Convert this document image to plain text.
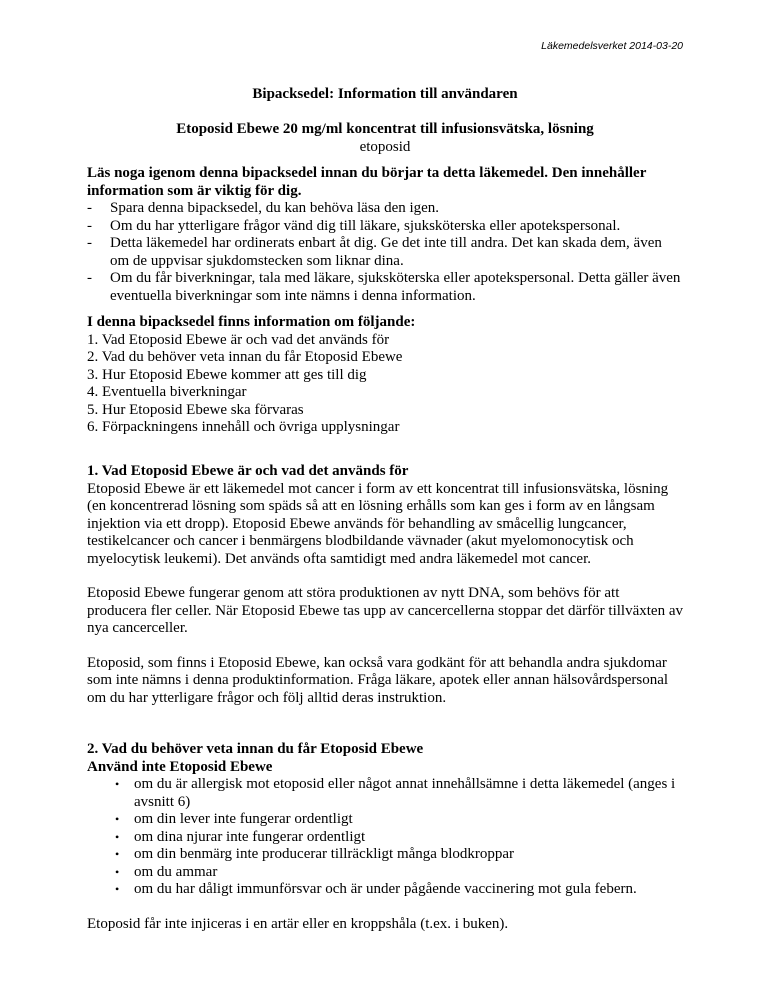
Läkemedelsverket 2014-03-20
Bipacksedel: Information till användaren
Etoposid Ebewe 20 mg/ml koncentrat till infusionsvätska, lösning
etoposid
Läs noga igenom denna bipacksedel innan du börjar ta detta läkemedel. Den innehåller information som är viktig för dig.
- Spara denna bipacksedel, du kan behöva läsa den igen.
- Om du har ytterligare frågor vänd dig till läkare, sjuksköterska eller apotekspersonal.
- Detta läkemedel har ordinerats enbart åt dig. Ge det inte till andra. Det kan skada dem, även om de uppvisar sjukdomstecken som liknar dina.
- Om du får biverkningar, tala med läkare, sjuksköterska eller apotekspersonal. Detta gäller även eventuella biverkningar som inte nämns i denna information.
I denna bipacksedel finns information om följande:
1. Vad Etoposid Ebewe är och vad det används för
2. Vad du behöver veta innan du får Etoposid Ebewe
3. Hur Etoposid Ebewe kommer att ges till dig
4. Eventuella biverkningar
5. Hur Etoposid Ebewe ska förvaras
6. Förpackningens innehåll och övriga upplysningar
1. Vad Etoposid Ebewe är och vad det används för

Etoposid Ebewe är ett läkemedel mot cancer i form av ett koncentrat till infusionsvätska, lösning (en koncentrerad lösning som späds så att en lösning erhålls som kan ges i form av en långsam injektion via ett dropp). Etoposid Ebewe används för behandling av småcellig lungcancer, testikelcancer och cancer i benmärgens blodbildande vävnader (akut myelomonocytisk och myelocytisk leukemi). Det används ofta samtidigt med andra läkemedel mot cancer.

Etoposid Ebewe fungerar genom att störa produktionen av nytt DNA, som behövs för att producera fler celler. När Etoposid Ebewe tas upp av cancercellerna stoppar det därför tillväxten av nya cancerceller.

Etoposid, som finns i Etoposid Ebewe, kan också vara godkänt för att behandla andra sjukdomar som inte nämns i denna produktinformation. Fråga läkare, apotek eller annan hälsovårdspersonal om du har ytterligare frågor och följ alltid deras instruktion.

2. Vad du behöver veta innan du får Etoposid Ebewe
Använd inte Etoposid Ebewe
• om du är allergisk mot etoposid eller något annat innehållsämne i detta läkemedel (anges i avsnitt 6)
• om din lever inte fungerar ordentligt
• om dina njurar inte fungerar ordentligt
• om din benmärg inte producerar tillräckligt många blodkroppar
• om du ammar
• om du har dåligt immunförsvar och är under pågående vaccinering mot gula febern.

Etoposid får inte injiceras i en artär eller en kroppshåla (t.ex. i buken).
